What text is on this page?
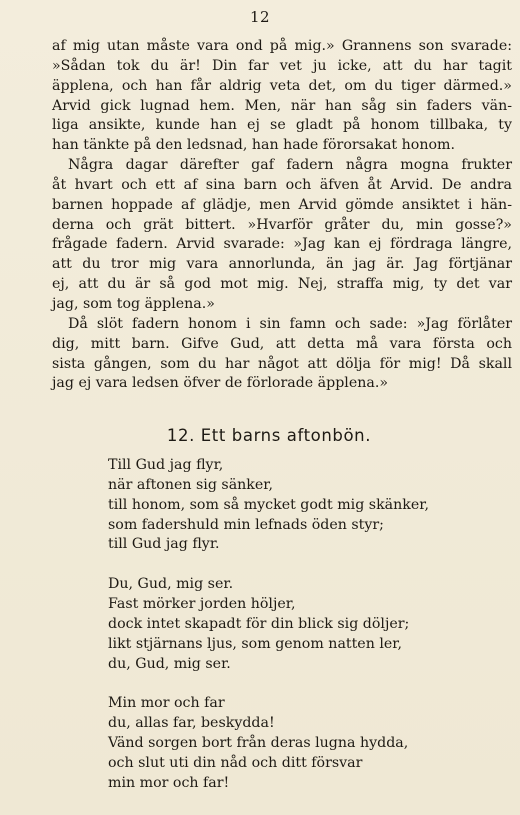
12
af mig utan måste vara ond på mig.» Grannens son svarade:
»Sådan tok du är! Din far vet ju icke, att du har tagit
äpplena, och han får aldrig veta det, om du tiger därmed.»
Arvid gick lugnad hem. Men, när han såg sin faders vän-
liga ansikte, kunde han ej se gladt på honom tillbaka, ty
han tänkte på den ledsnad, han hade förorsakat honom.
Några dagar därefter gaf fadern några mogna frukter
åt hvart och ett af sina barn och äfven åt Arvid. De andra
barnen hoppade af glädje, men Arvid gömde ansiktet i hän-
derna och grät bittert. »Hvarför gråter du, min gosse?»
frågade fadern. Arvid svarade: »Jag kan ej fördraga längre,
att du tror mig vara annorlunda, än jag är. Jag förtjänar
ej, att du är så god mot mig. Nej, straffa mig, ty det var
jag, som tog äpplena.»
Då slöt fadern honom i sin famn och sade: »Jag förlåter
dig, mitt barn. Gifve Gud, att detta må vara första och
sista gången, som du har något att dölja för mig! Då skall
jag ej vara ledsen öfver de förlorade äpplena.»
12. Ett barns aftonbön.
Till Gud jag flyr,
när aftonen sig sänker,
till honom, som så mycket godt mig skänker,
som fadershuld min lefnads öden styr;
till Gud jag flyr.
Du, Gud, mig ser.
Fast mörker jorden höljer,
dock intet skapadt för din blick sig döljer;
likt stjärnans ljus, som genom natten ler,
du, Gud, mig ser.
Min mor och far
du, allas far, beskydda!
Vänd sorgen bort från deras lugna hydda,
och slut uti din nåd och ditt försvar
min mor och far!
